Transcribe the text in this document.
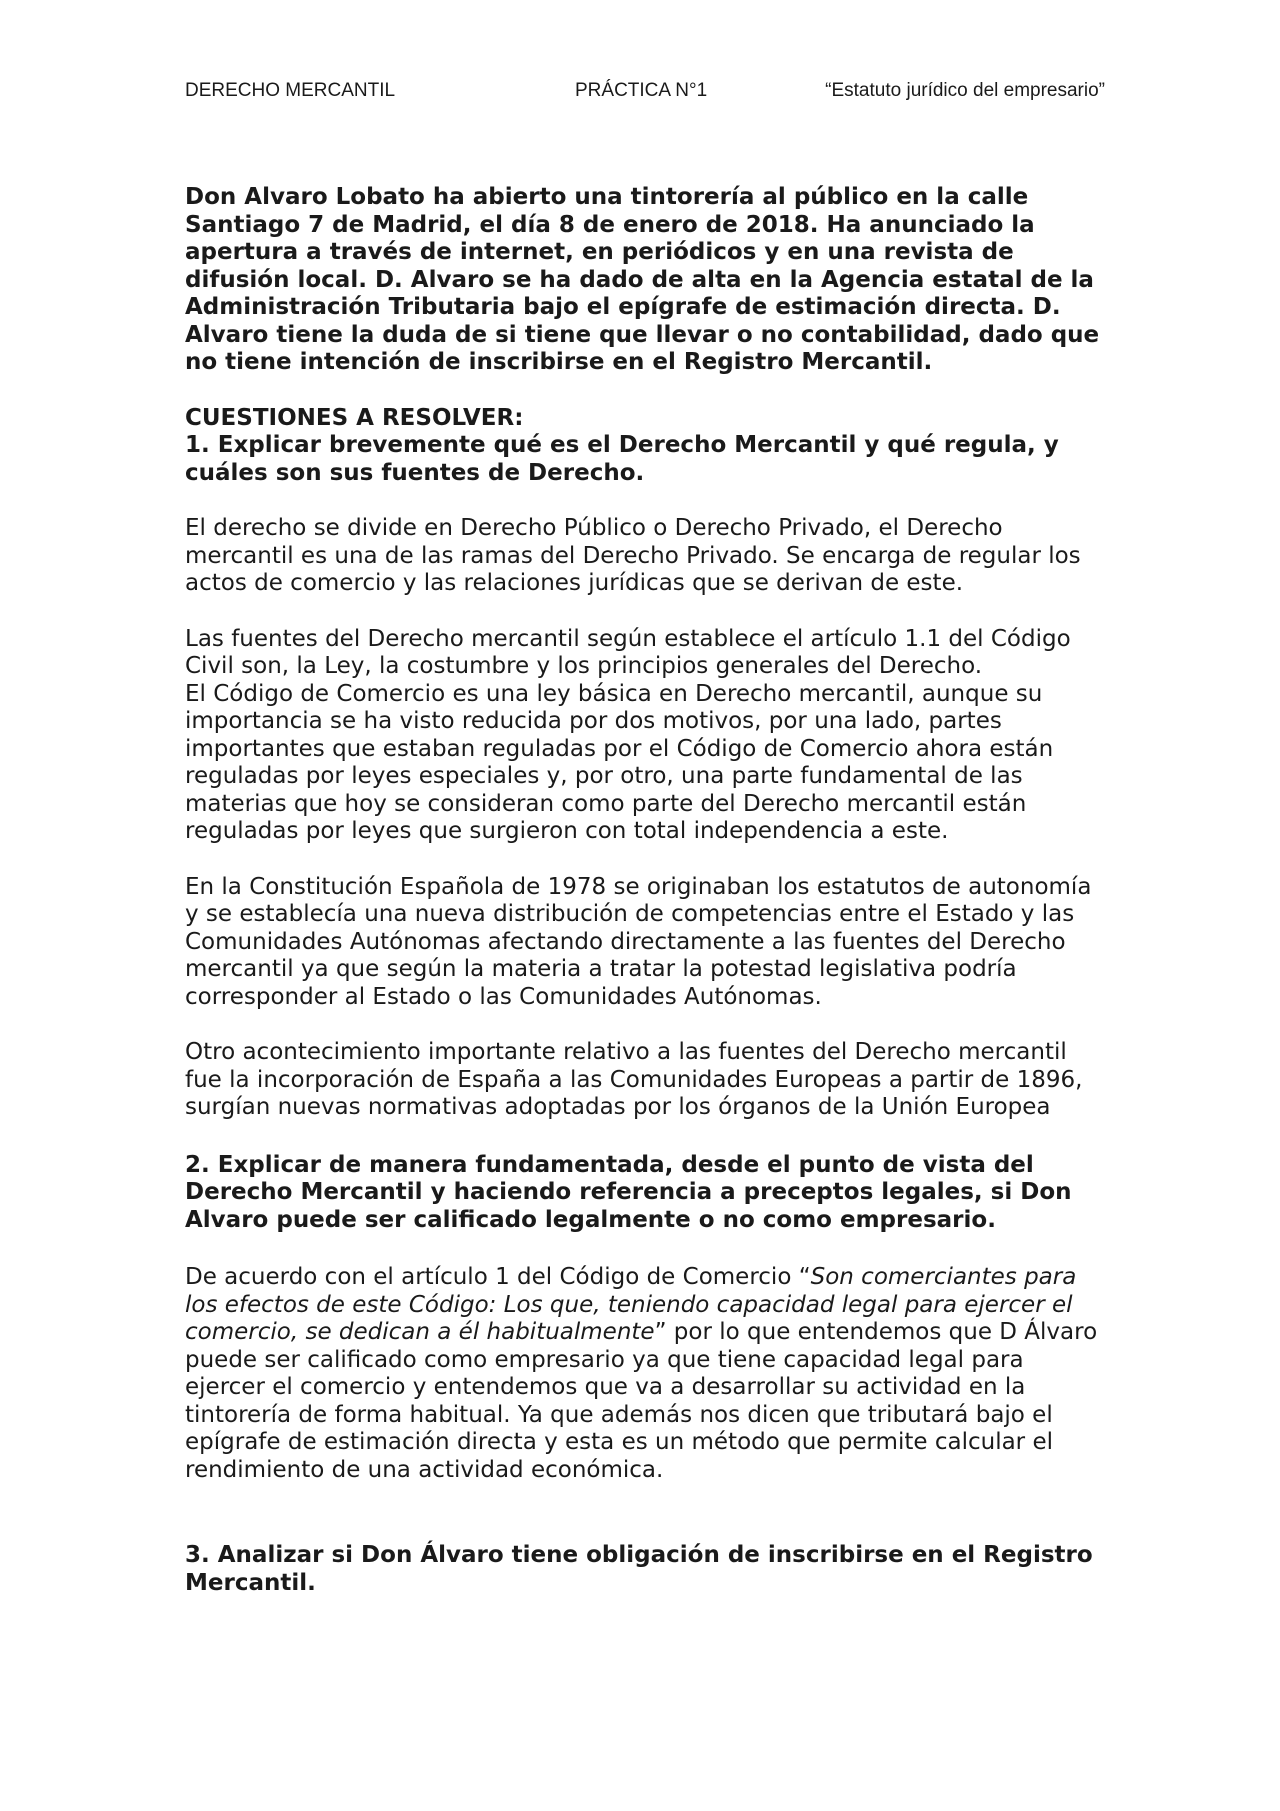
DERECHO MERCANTIL	PRÁCTICA N°1	“Estatuto jurídico del empresario”

Don Alvaro Lobato ha abierto una tintorería al público en la calle Santiago 7 de Madrid, el día 8 de enero de 2018. Ha anunciado la apertura a través de internet, en periódicos y en una revista de difusión local. D. Alvaro se ha dado de alta en la Agencia estatal de la Administración Tributaria bajo el epígrafe de estimación directa. D. Alvaro tiene la duda de si tiene que llevar o no contabilidad, dado que no tiene intención de inscribirse en el Registro Mercantil.

CUESTIONES A RESOLVER:

1. Explicar brevemente qué es el Derecho Mercantil y qué regula, y cuáles son sus fuentes de Derecho.

El derecho se divide en Derecho Público o Derecho Privado, el Derecho mercantil es una de las ramas del Derecho Privado. Se encarga de regular los actos de comercio y las relaciones jurídicas que se derivan de este.

Las fuentes del Derecho mercantil según establece el artículo 1.1 del Código Civil son, la Ley, la costumbre y los principios generales del Derecho.

El Código de Comercio es una ley básica en Derecho mercantil, aunque su importancia se ha visto reducida por dos motivos, por una lado, partes importantes que estaban reguladas por el Código de Comercio ahora están reguladas por leyes especiales y, por otro, una parte fundamental de las materias que hoy se consideran como parte del Derecho mercantil están reguladas por leyes que surgieron con total independencia a este.

En la Constitución Española de 1978 se originaban los estatutos de autonomía y se establecía una nueva distribución de competencias entre el Estado y las Comunidades Autónomas afectando directamente a las fuentes del Derecho mercantil ya que según la materia a tratar la potestad legislativa podría corresponder al Estado o las Comunidades Autónomas.

Otro acontecimiento importante relativo a las fuentes del Derecho mercantil fue la incorporación de España a las Comunidades Europeas a partir de 1896, surgían nuevas normativas adoptadas por los órganos de la Unión Europea

2. Explicar de manera fundamentada, desde el punto de vista del Derecho Mercantil y haciendo referencia a preceptos legales, si Don Alvaro puede ser calificado legalmente o no como empresario.

De acuerdo con el artículo 1 del Código de Comercio “Son comerciantes para los efectos de este Código: Los que, teniendo capacidad legal para ejercer el comercio, se dedican a él habitualmente” por lo que entendemos que D Álvaro puede ser calificado como empresario ya que tiene capacidad legal para ejercer el comercio y entendemos que va a desarrollar su actividad en la tintorería de forma habitual. Ya que además nos dicen que tributará bajo el epígrafe de estimación directa y esta es un método que permite calcular el rendimiento de una actividad económica.

3. Analizar si Don Álvaro tiene obligación de inscribirse en el Registro Mercantil.
